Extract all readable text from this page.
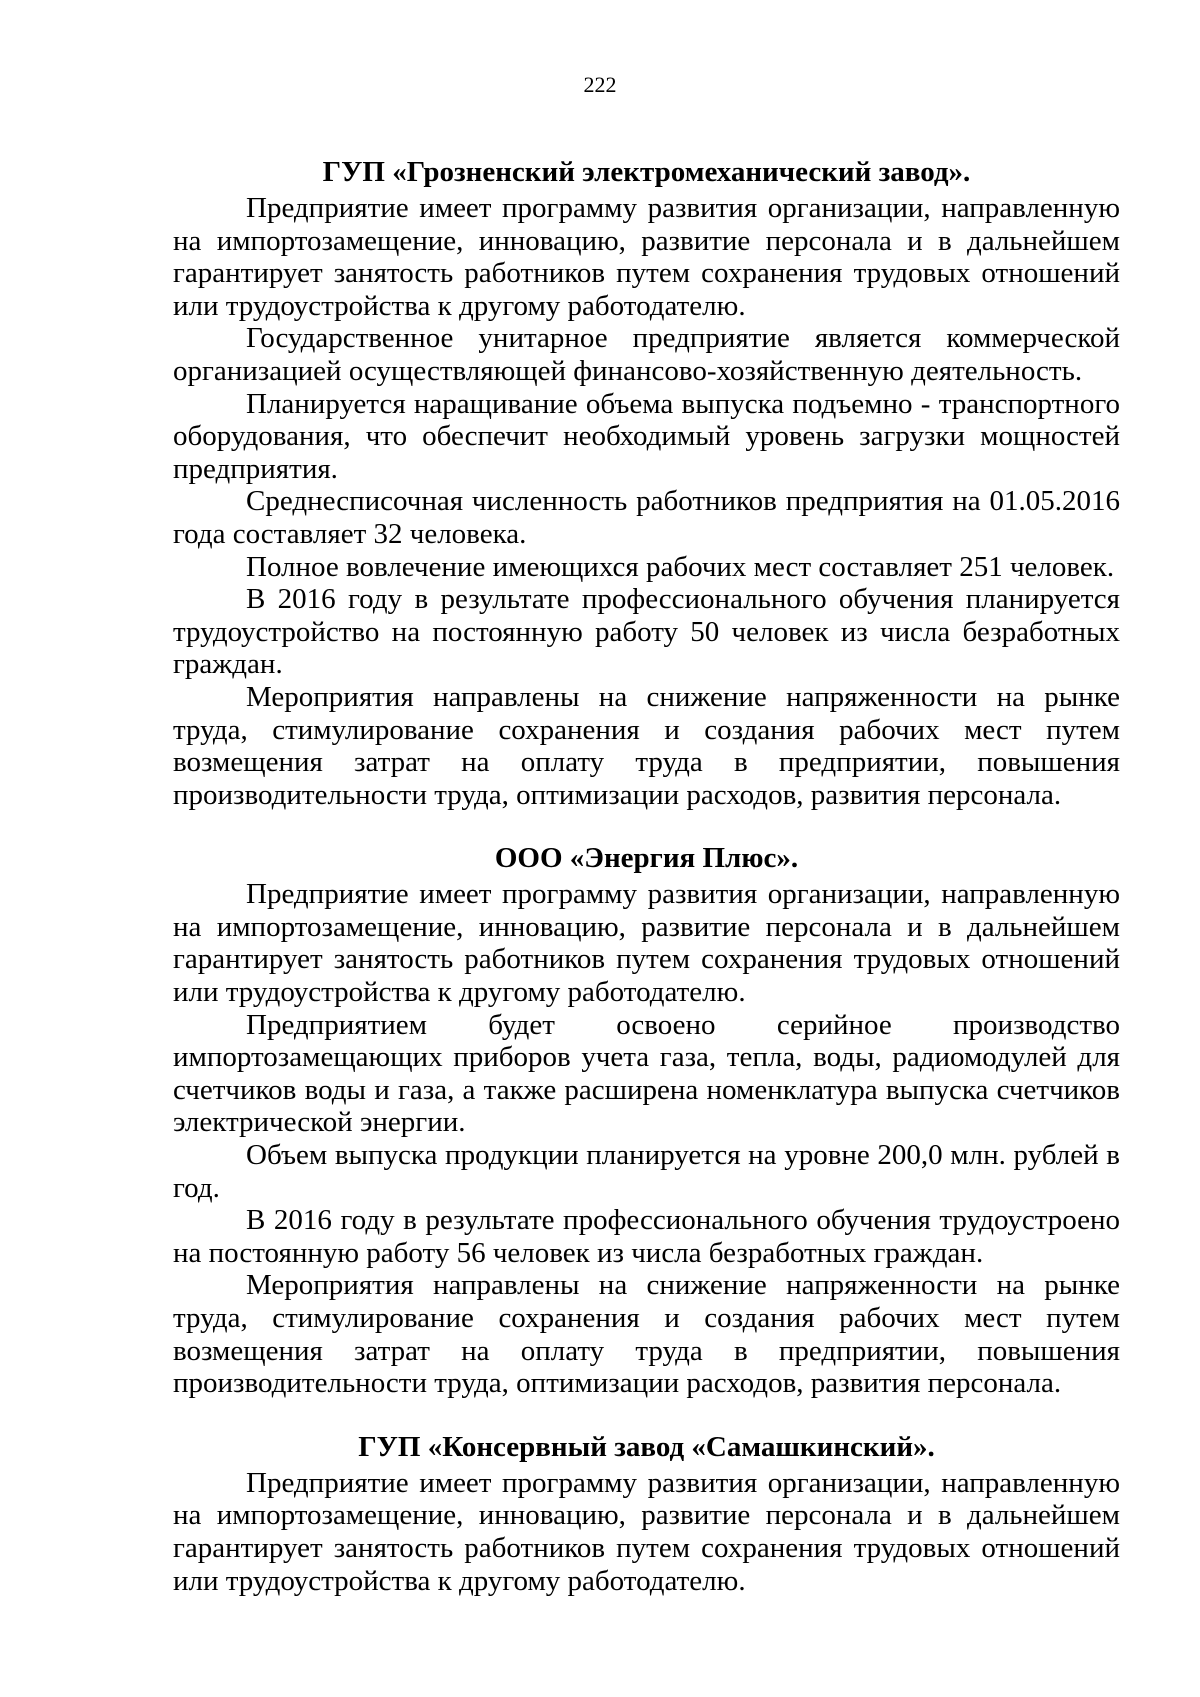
222
ГУП «Грозненский электромеханический завод».

Предприятие имеет программу развития организации, направленную на импортозамещение, инновацию, развитие персонала и в дальнейшем гарантирует занятость работников путем сохранения трудовых отношений или трудоустройства к другому работодателю.

Государственное унитарное предприятие является коммерческой организацией осуществляющей финансово-хозяйственную деятельность.

Планируется наращивание объема выпуска подъемно - транспортного оборудования, что обеспечит необходимый уровень загрузки мощностей предприятия.

Среднесписочная численность работников предприятия на 01.05.2016 года составляет 32 человека.

Полное вовлечение имеющихся рабочих мест составляет 251 человек.

В 2016 году в результате профессионального обучения планируется трудоустройство на постоянную работу 50 человек из числа безработных граждан.

Мероприятия направлены на снижение напряженности на рынке труда, стимулирование сохранения и создания рабочих мест путем возмещения затрат на оплату труда в предприятии, повышения производительности труда, оптимизации расходов, развития персонала.

ООО «Энергия Плюс».

Предприятие имеет программу развития организации, направленную на импортозамещение, инновацию, развитие персонала и в дальнейшем гарантирует занятость работников путем сохранения трудовых отношений или трудоустройства к другому работодателю.

Предприятием будет освоено серийное производство импортозамещающих приборов учета газа, тепла, воды, радиомодулей для счетчиков воды и газа, а также расширена номенклатура выпуска счетчиков электрической энергии.

Объем выпуска продукции планируется на уровне 200,0 млн. рублей в год.

В 2016 году в результате профессионального обучения трудоустроено на постоянную работу 56 человек из числа безработных граждан.

Мероприятия направлены на снижение напряженности на рынке труда, стимулирование сохранения и создания рабочих мест путем возмещения затрат на оплату труда в предприятии, повышения производительности труда, оптимизации расходов, развития персонала.

ГУП «Консервный завод «Самашкинский».

Предприятие имеет программу развития организации, направленную на импортозамещение, инновацию, развитие персонала и в дальнейшем гарантирует занятость работников путем сохранения трудовых отношений или трудоустройства к другому работодателю.
